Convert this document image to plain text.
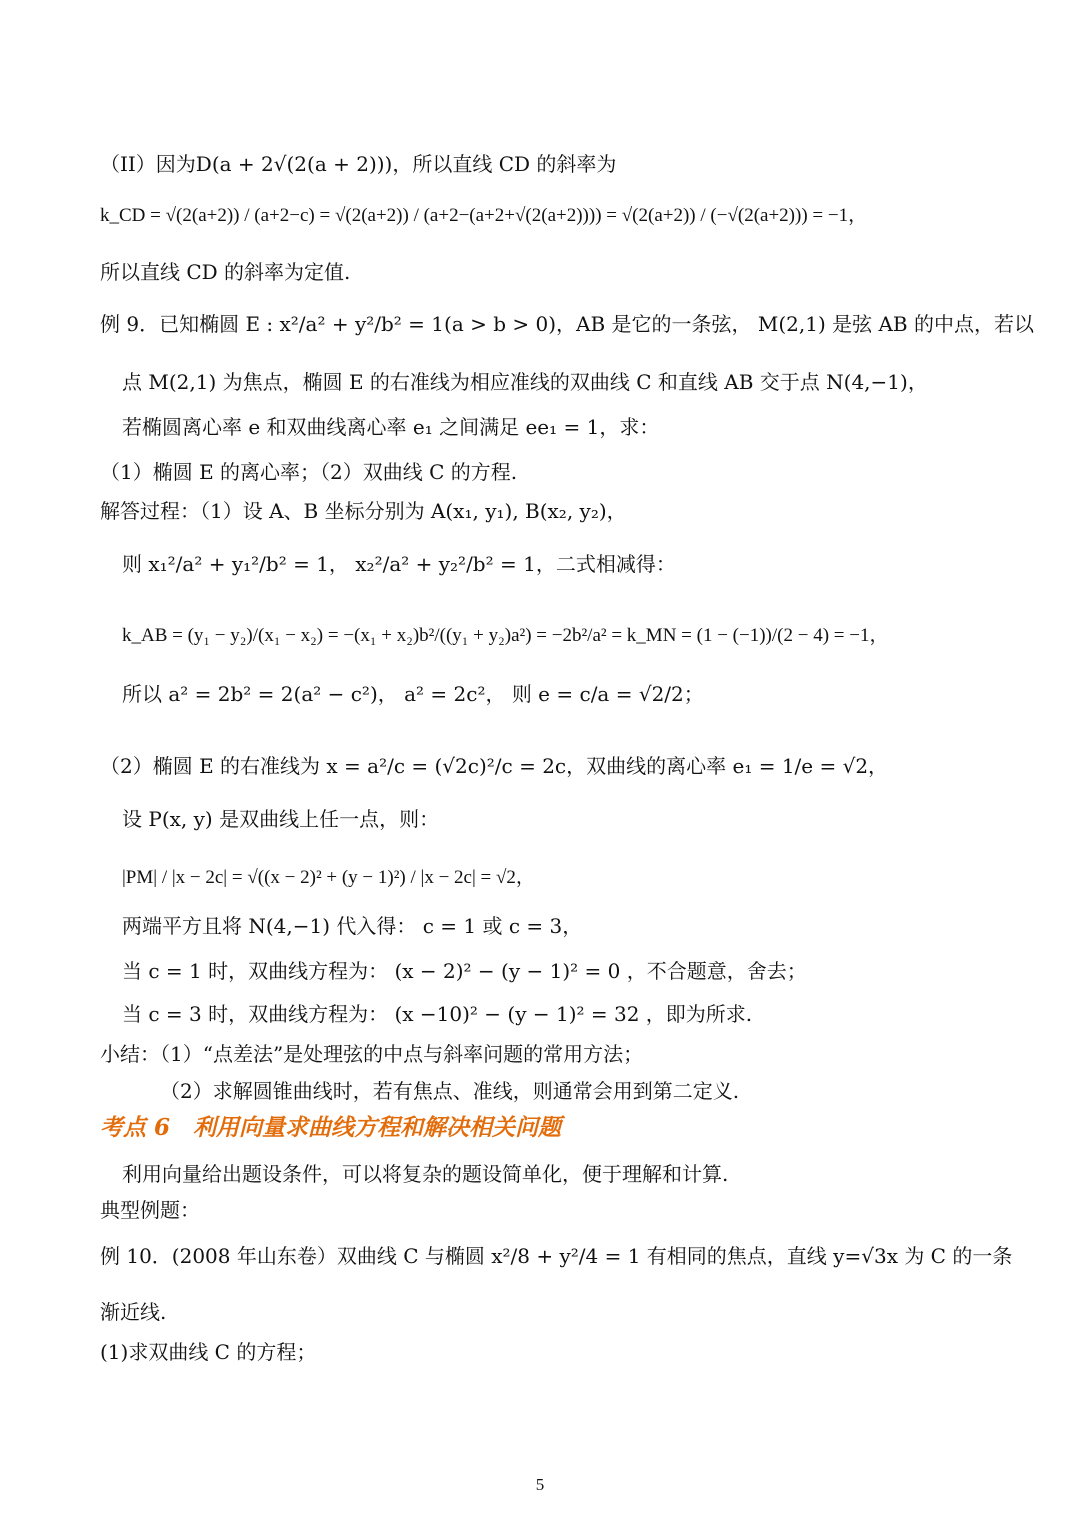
（II）因为D(a + 2√(2(a + 2)))，所以直线 CD 的斜率为
k_CD = √(2(a+2)) / (a+2−c) = √(2(a+2)) / (a+2−(a+2+√(2(a+2)))) = √(2(a+2)) / (−√(2(a+2))) = −1，
所以直线 CD 的斜率为定值.
例 9．已知椭圆 E : x²/a² + y²/b² = 1(a > b > 0)，AB 是它的一条弦， M(2,1) 是弦 AB 的中点，若以
点 M(2,1) 为焦点，椭圆 E 的右准线为相应准线的双曲线 C 和直线 AB 交于点 N(4,−1)，
若椭圆离心率 e 和双曲线离心率 e₁ 之间满足 ee₁ = 1，求：
（1）椭圆 E 的离心率；（2）双曲线 C 的方程.
解答过程：（1）设 A、B 坐标分别为 A(x₁, y₁), B(x₂, y₂)，
则 x₁²/a² + y₁²/b² = 1， x₂²/a² + y₂²/b² = 1，二式相减得：
k_AB = (y₁ − y₂)/(x₁ − x₂) = −(x₁ + x₂)b²/((y₁ + y₂)a²) = −2b²/a² = k_MN = (1 − (−1))/(2 − 4) = −1，
所以 a² = 2b² = 2(a² − c²)， a² = 2c²， 则 e = c/a = √2/2；
（2）椭圆 E 的右准线为 x = a²/c = (√2c)²/c = 2c，双曲线的离心率 e₁ = 1/e = √2，
设 P(x, y) 是双曲线上任一点，则：
|PM| / |x − 2c| = √((x − 2)² + (y − 1)²) / |x − 2c| = √2，
两端平方且将 N(4,−1) 代入得： c = 1 或 c = 3，
当 c = 1 时，双曲线方程为： (x − 2)² − (y − 1)² = 0 ，不合题意，舍去；
当 c = 3 时，双曲线方程为： (x −10)² − (y − 1)² = 32 ，即为所求.
小结：（1）“点差法”是处理弦的中点与斜率问题的常用方法；
（2）求解圆锥曲线时，若有焦点、准线，则通常会用到第二定义.
考点 6　利用向量求曲线方程和解决相关问题
利用向量给出题设条件，可以将复杂的题设简单化，便于理解和计算.
典型例题：
例 10．(2008 年山东卷）双曲线 C 与椭圆 x²/8 + y²/4 = 1 有相同的焦点，直线 y=√3x 为 C 的一条
渐近线.
(1)求双曲线 C 的方程；
5
